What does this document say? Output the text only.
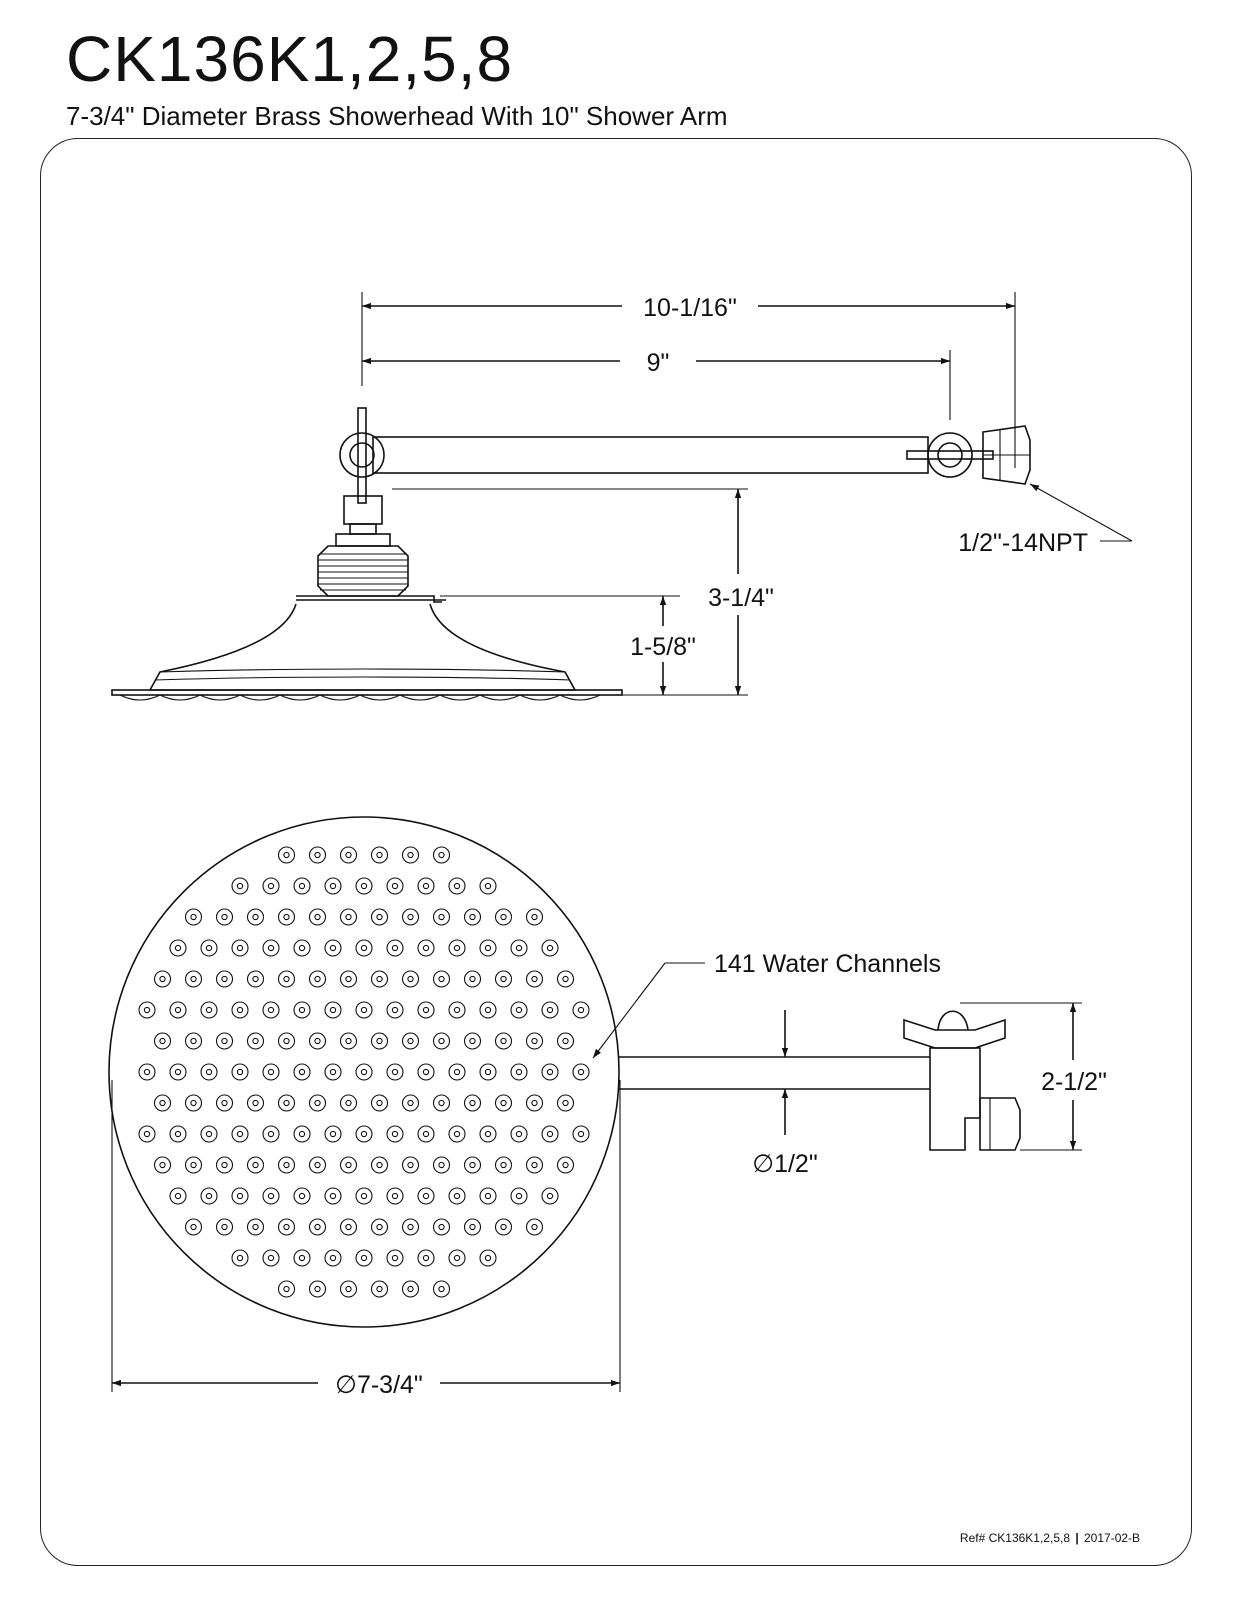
CK136K1,2,5,8
7-3/4" Diameter Brass Showerhead With 10" Shower Arm
10-1/16"
9"
1/2"-14NPT
3-1/4"
1-5/8"
141 Water Channels
∅1/2"
2-1/2"
∅7-3/4"
Ref# CK136K1,2,5,8 | 2017-02-B
